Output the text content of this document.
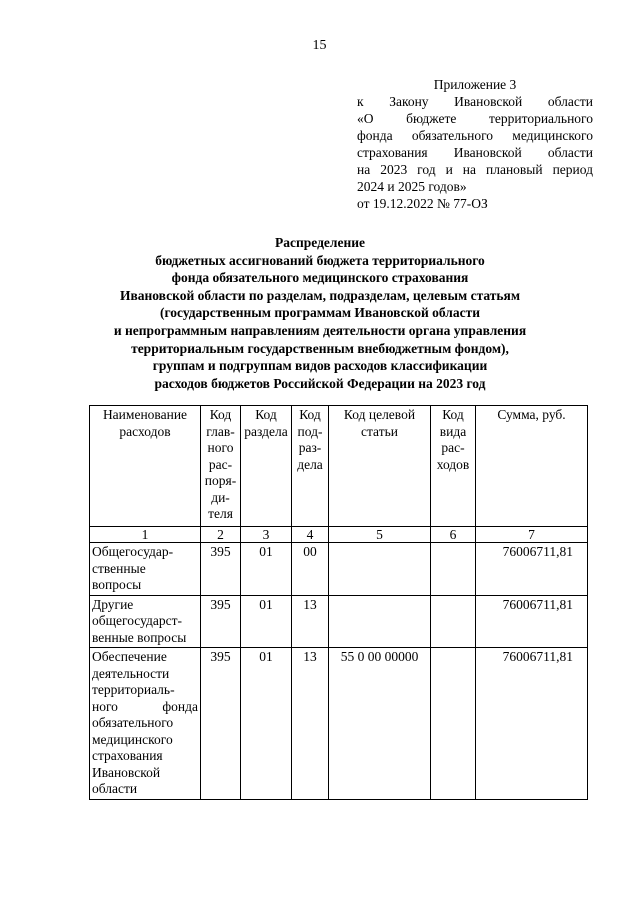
15
Приложение 3
к Закону Ивановской области
«О бюджете территориального
фонда обязательного медицинского
страхования Ивановской области
на 2023 год и на плановый период
2024 и 2025 годов»
от 19.12.2022 № 77-ОЗ
Распределение
бюджетных ассигнований бюджета территориального
фонда обязательного медицинского страхования
Ивановской области по разделам, подразделам, целевым статьям
(государственным программам Ивановской области
и непрограммным направлениям деятельности органа управления
территориальным государственным внебюджетным фондом),
группам и подгруппам видов расходов классификации
расходов бюджетов Российской Федерации на 2023 год
Наименование расходов	Код глав-ного рас-поря-ди-теля	Код раздела	Код под-раз-дела	Код целевой статьи	Код вида рас-ходов	Сумма, руб.
1	2	3	4	5	6	7
Общегосудар-ственные вопросы	395	01	00			76006711,81
Другие общегосударст-венные вопросы	395	01	13			76006711,81
Обеспечение деятельности территориаль-ного фонда обязательного медицинского страхования Ивановской области	395	01	13	55 0 00 00000		76006711,81
